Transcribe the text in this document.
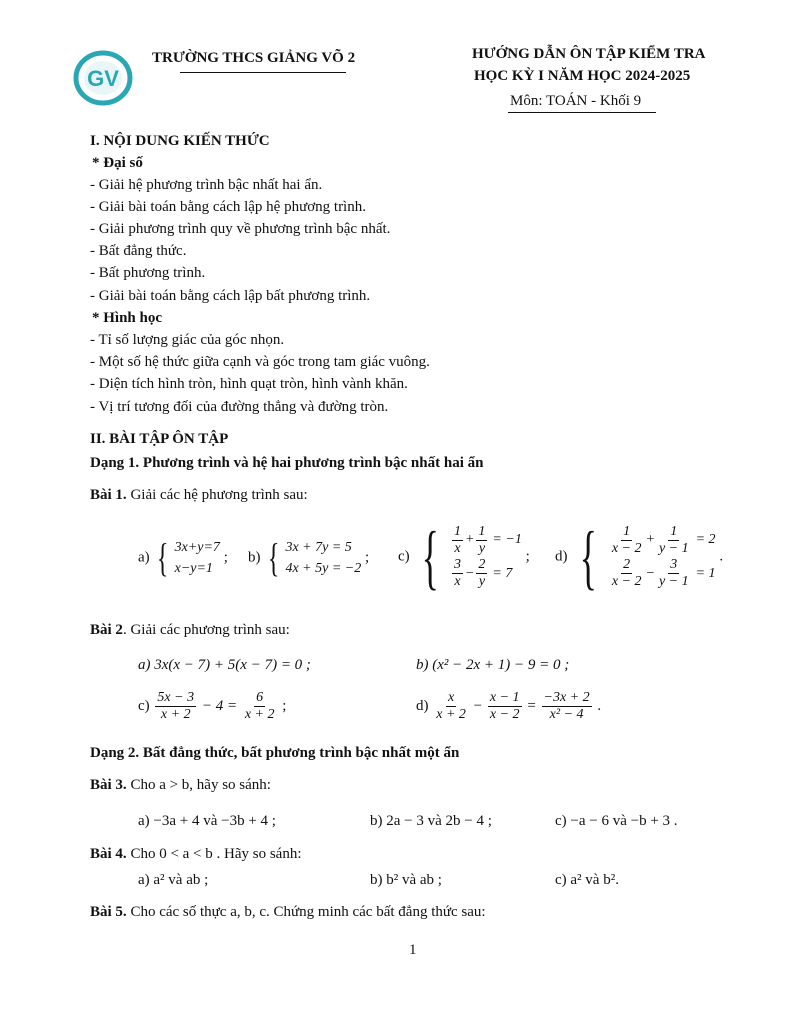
GV
TRƯỜNG THCS GIẢNG VÕ 2	HƯỚNG DẪN ÔN TẬP KIỂM TRA
HỌC KỲ I NĂM HỌC 2024-2025
Môn: TOÁN - Khối 9
I. NỘI DUNG KIẾN THỨC
* Đại số
- Giải hệ phương trình bậc nhất hai ẩn.
- Giải bài toán bằng cách lập hệ phương trình.
- Giải phương trình quy về phương trình bậc nhất.
- Bất đẳng thức.
- Bất phương trình.
- Giải bài toán bằng cách lập bất phương trình.
* Hình học
- Tỉ số lượng giác của góc nhọn.
- Một số hệ thức giữa cạnh và góc trong tam giác vuông.
- Diện tích hình tròn, hình quạt tròn, hình vành khăn.
- Vị trí tương đối của đường thẳng và đường tròn.
II. BÀI TẬP ÔN TẬP
Dạng 1. Phương trình và hệ hai phương trình bậc nhất hai ẩn
Bài 1. Giải các hệ phương trình sau:
a) { 3x+y=7
x−y=1
; b) { 3x + 7y = 5
4x + 5y = −2
; c) { $\frac{1}{x} + \frac{1}{y} = -1$
$\frac{3}{x} - \frac{2}{y} = 7$
; d) { $\frac{1}{x - 2} + \frac{1}{y - 1} = 2$
$\frac{2}{x - 2} - \frac{3}{y - 1} = 1$
.
Bài 2. Giải các phương trình sau:
a) 3x(x − 7) + 5(x − 7) = 0 ;	b) (x² − 2x + 1) − 9 = 0 ;
$c) \frac{5x - 3}{x + 2} - 4 = \frac{6}{x + 2}$ ;	$d) \frac{x}{x + 2} - \frac{x - 1}{x - 2} = \frac{-3x + 2}{\text{x² − 4}}$ .
Dạng 2. Bất đẳng thức, bất phương trình bậc nhất một ẩn
Bài 3. Cho a > b, hãy so sánh:
a) −3a + 4 và −3b + 4 ;	b) 2a − 3 và 2b − 4 ;	c) −a − 6 và −b + 3 .
Bài 4. Cho 0 < a < b . Hãy so sánh:
a) a² và ab ;	b) b² và ab ;	c) a² và b².
Bài 5. Cho các số thực a, b, c. Chứng minh các bất đẳng thức sau:
1
